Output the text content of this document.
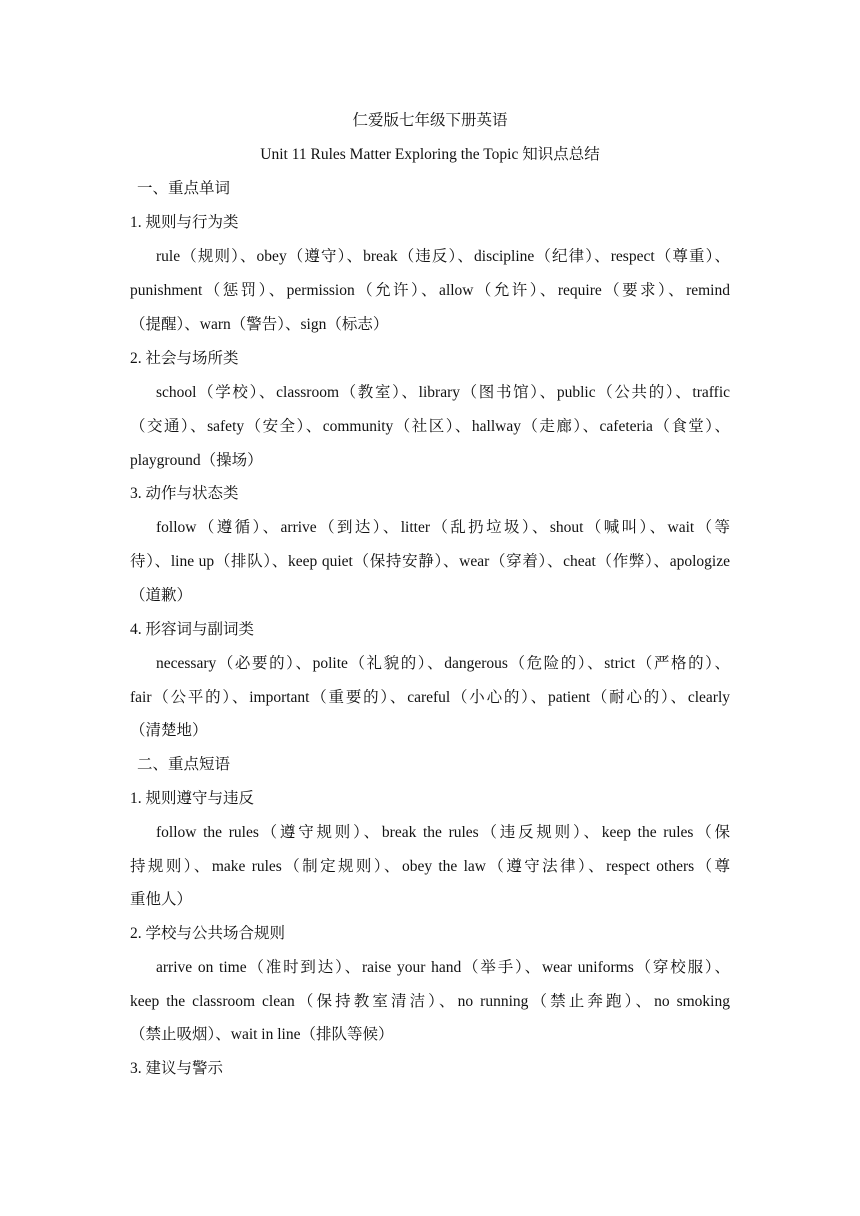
仁爱版七年级下册英语
Unit 11 Rules Matter Exploring the Topic 知识点总结
一、重点单词
1. 规则与行为类
rule（规则）、obey（遵守）、break（违反）、discipline（纪律）、respect（尊重）、
punishment（惩罚）、permission（允许）、allow（允许）、require（要求）、remind
（提醒）、warn（警告）、sign（标志）
2. 社会与场所类
school（学校）、classroom（教室）、library（图书馆）、public（公共的）、traffic
（交通）、safety（安全）、community（社区）、hallway（走廊）、cafeteria（食堂）、
playground（操场）
3. 动作与状态类
follow（遵循）、arrive（到达）、litter（乱扔垃圾）、shout（喊叫）、wait（等
待）、line up（排队）、keep quiet（保持安静）、wear（穿着）、cheat（作弊）、apologize
（道歉）
4. 形容词与副词类
necessary（必要的）、polite（礼貌的）、dangerous（危险的）、strict（严格的）、
fair（公平的）、important（重要的）、careful（小心的）、patient（耐心的）、clearly
（清楚地）
二、重点短语
1. 规则遵守与违反
follow the rules（遵守规则）、break the rules（违反规则）、keep the rules（保
持规则）、make rules（制定规则）、obey the law（遵守法律）、respect others（尊
重他人）
2. 学校与公共场合规则
arrive on time（准时到达）、raise your hand（举手）、wear uniforms（穿校服）、
keep the classroom clean（保持教室清洁）、no running（禁止奔跑）、no smoking
（禁止吸烟）、wait in line（排队等候）
3. 建议与警示
